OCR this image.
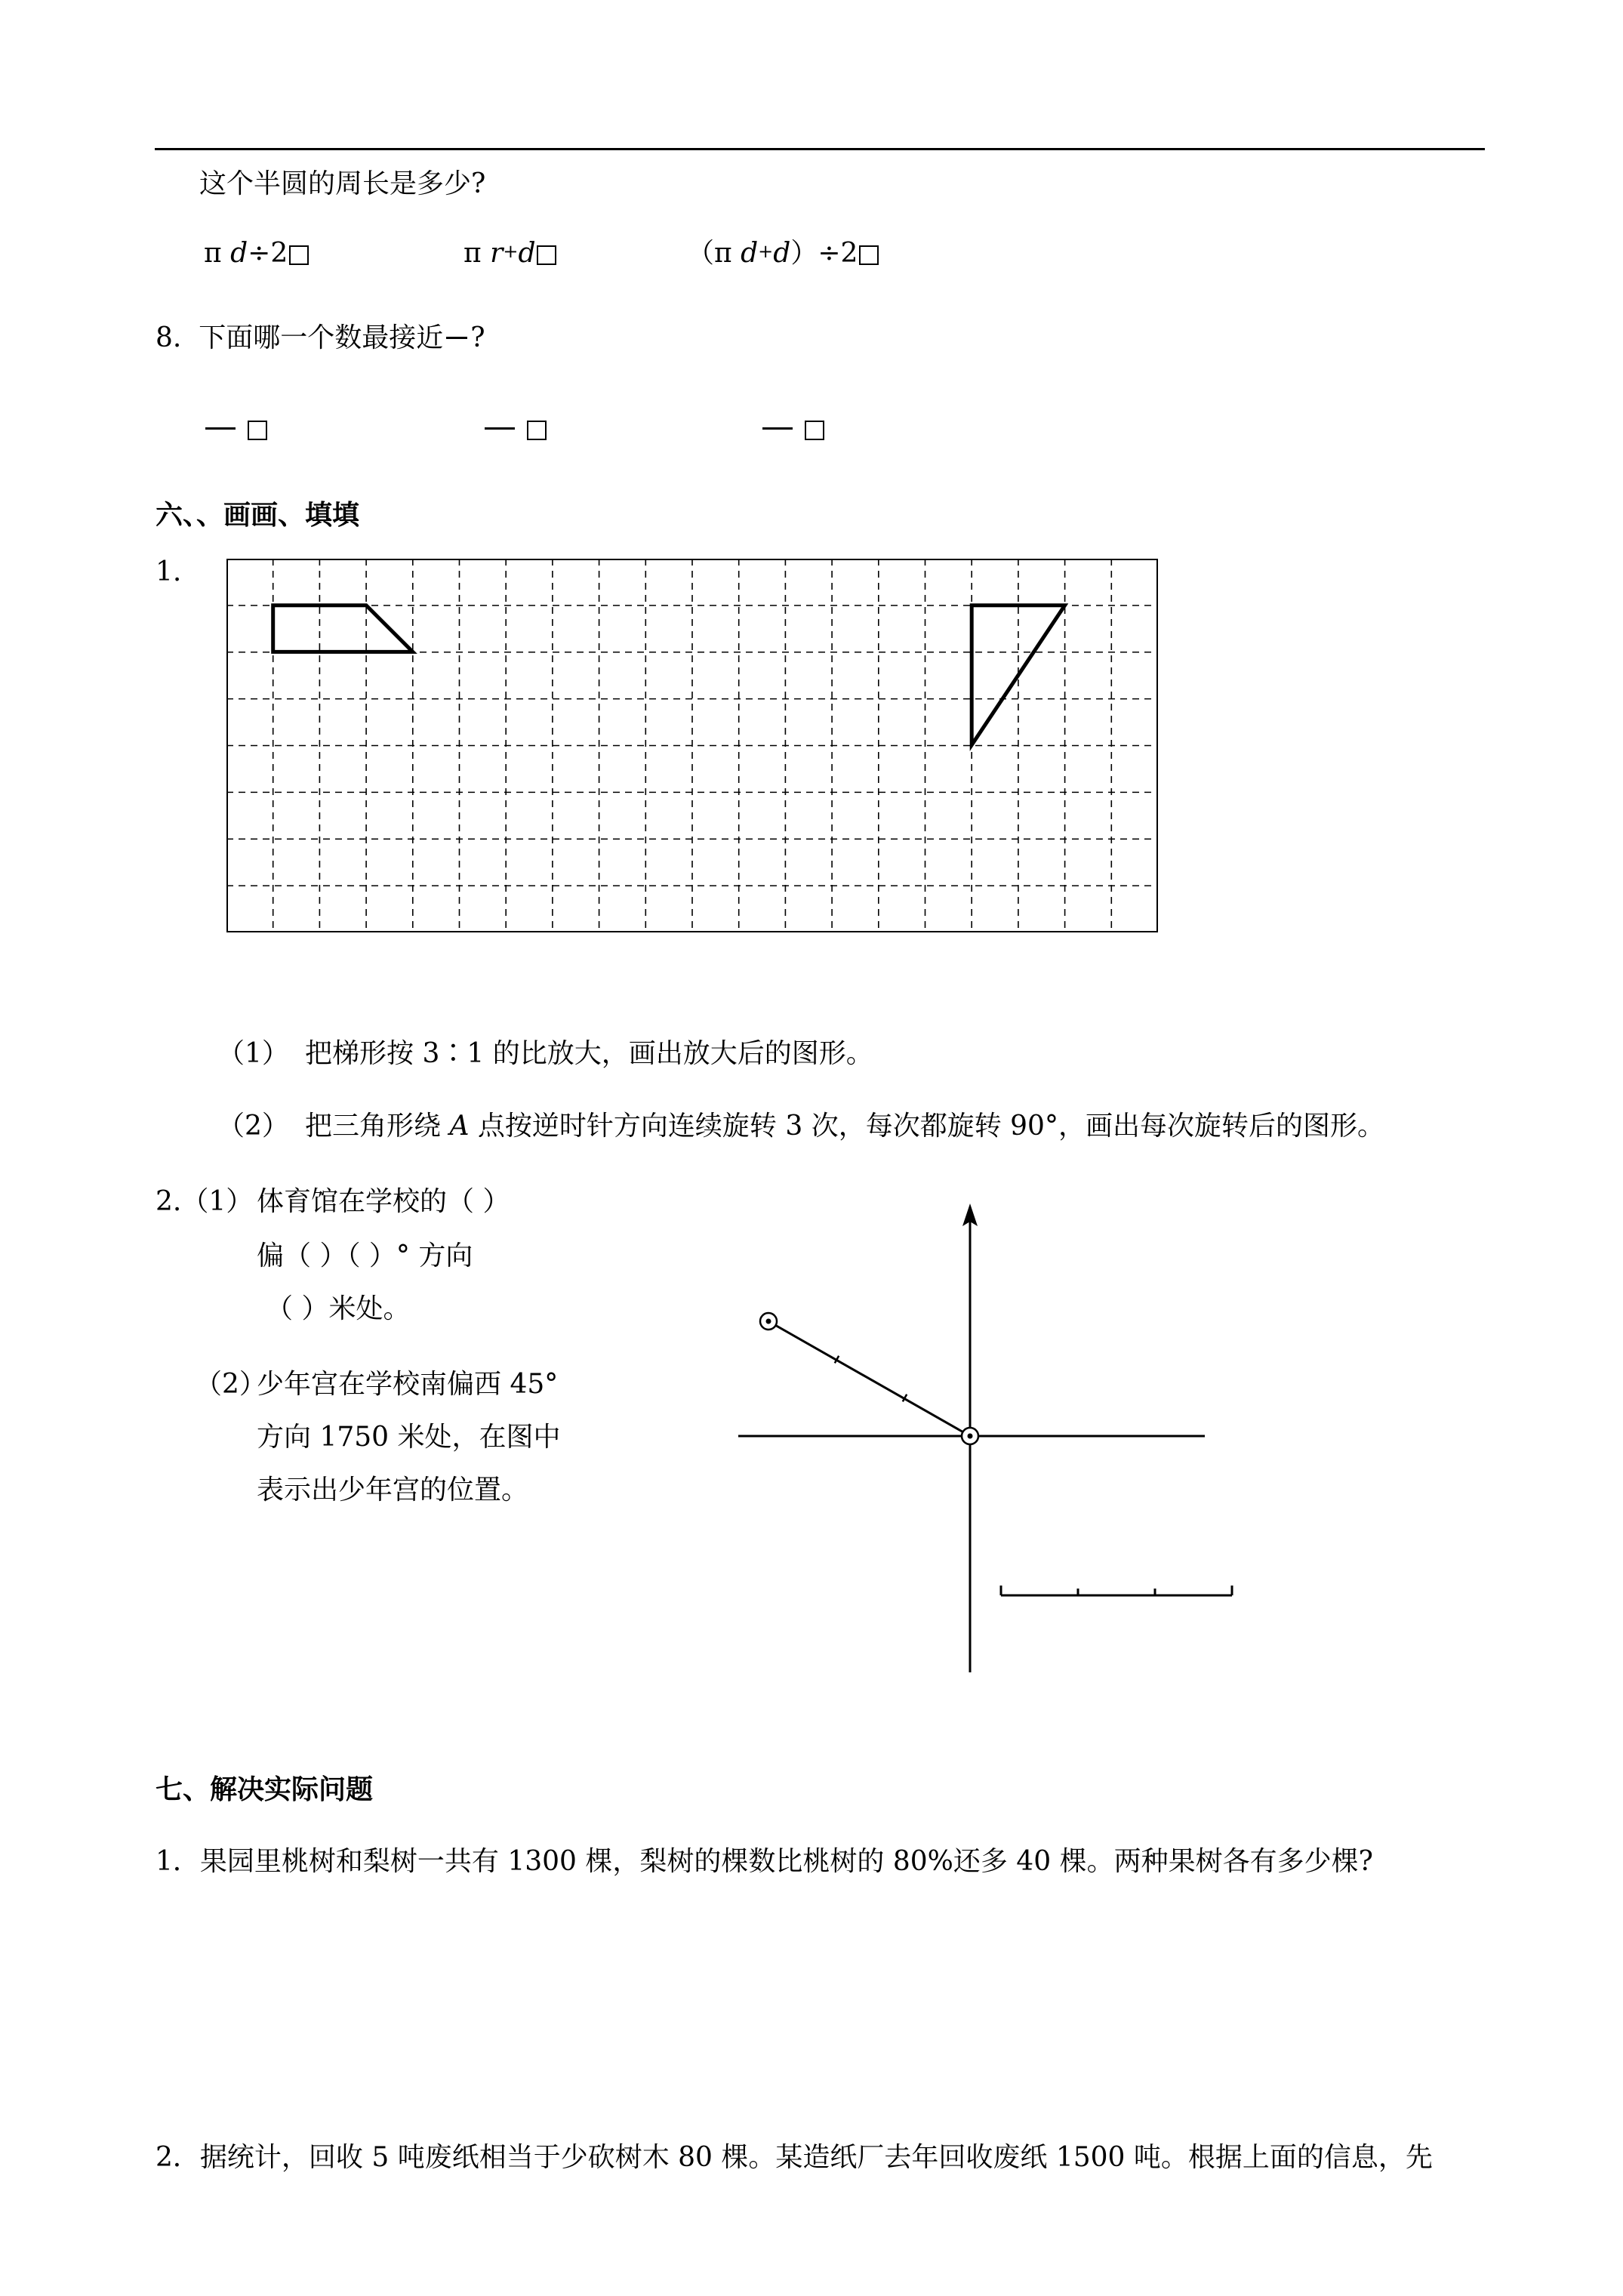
这个半圆的周长是多少?
π d÷2	π r+d	（π d+d）÷2
8. 下面哪一个数最接近 ?
六、、画画、填填
1.
（1） 把梯形按 3∶1 的比放大，画出放大后的图形。
（2） 把三角形绕 A 点按逆时针方向连续旋转 3 次，每次都旋转 90°，画出每次旋转后的图形。
2.（1） 体育馆在学校的（ ）
偏（ ）（ ）° 方向
（ ）米处。
（2）
少年宫在学校南偏西 45°
方向 1750 米处，在图中
表示出少年宫的位置。
七、解决实际问题
1．果园里桃树和梨树一共有 1300 棵，梨树的棵数比桃树的 80%还多 40 棵。两种果树各有多少棵?
2．据统计，回收 5 吨废纸相当于少砍树木 80 棵。某造纸厂去年回收废纸 1500 吨。根据上面的信息，先
